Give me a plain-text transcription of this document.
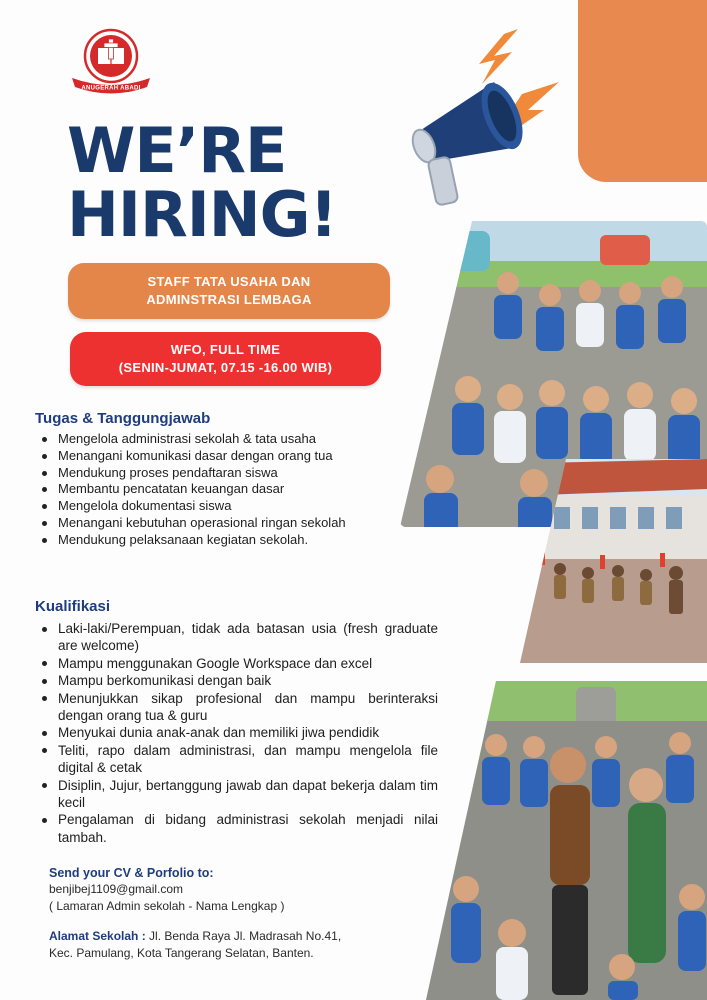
ANUGERAH ABADI
WE’RE
HIRING!
STAFF TATA USAHA DAN
ADMINSTRASI LEMBAGA
WFO, FULL TIME
(SENIN-JUMAT, 07.15 -16.00 WIB)
Tugas & Tanggungjawab
Mengelola administrasi sekolah & tata usaha
Menangani komunikasi dasar dengan orang tua
Mendukung proses pendaftaran siswa
Membantu pencatatan keuangan dasar
Mengelola dokumentasi siswa
Menangani kebutuhan operasional ringan sekolah
Mendukung pelaksanaan kegiatan sekolah.
Kualifikasi
Laki-laki/Perempuan, tidak ada batasan usia (fresh graduate are welcome)
Mampu menggunakan Google Workspace dan excel
Mampu berkomunikasi dengan baik
Menunjukkan sikap profesional dan mampu berinteraksi dengan orang tua & guru
Menyukai dunia anak-anak dan memiliki jiwa pendidik
Teliti, rapo dalam administrasi, dan mampu mengelola file digital & cetak
Disiplin, Jujur, bertanggung jawab dan dapat bekerja dalam tim kecil
Pengalaman di bidang administrasi sekolah menjadi nilai tambah.

Send your CV & Porfolio to:

benjibej1109@gmail.com

( Lamaran Admin sekolah - Nama Lengkap )

Alamat Sekolah : Jl. Benda Raya Jl. Madrasah No.41,

Kec. Pamulang, Kota Tangerang Selatan, Banten.
